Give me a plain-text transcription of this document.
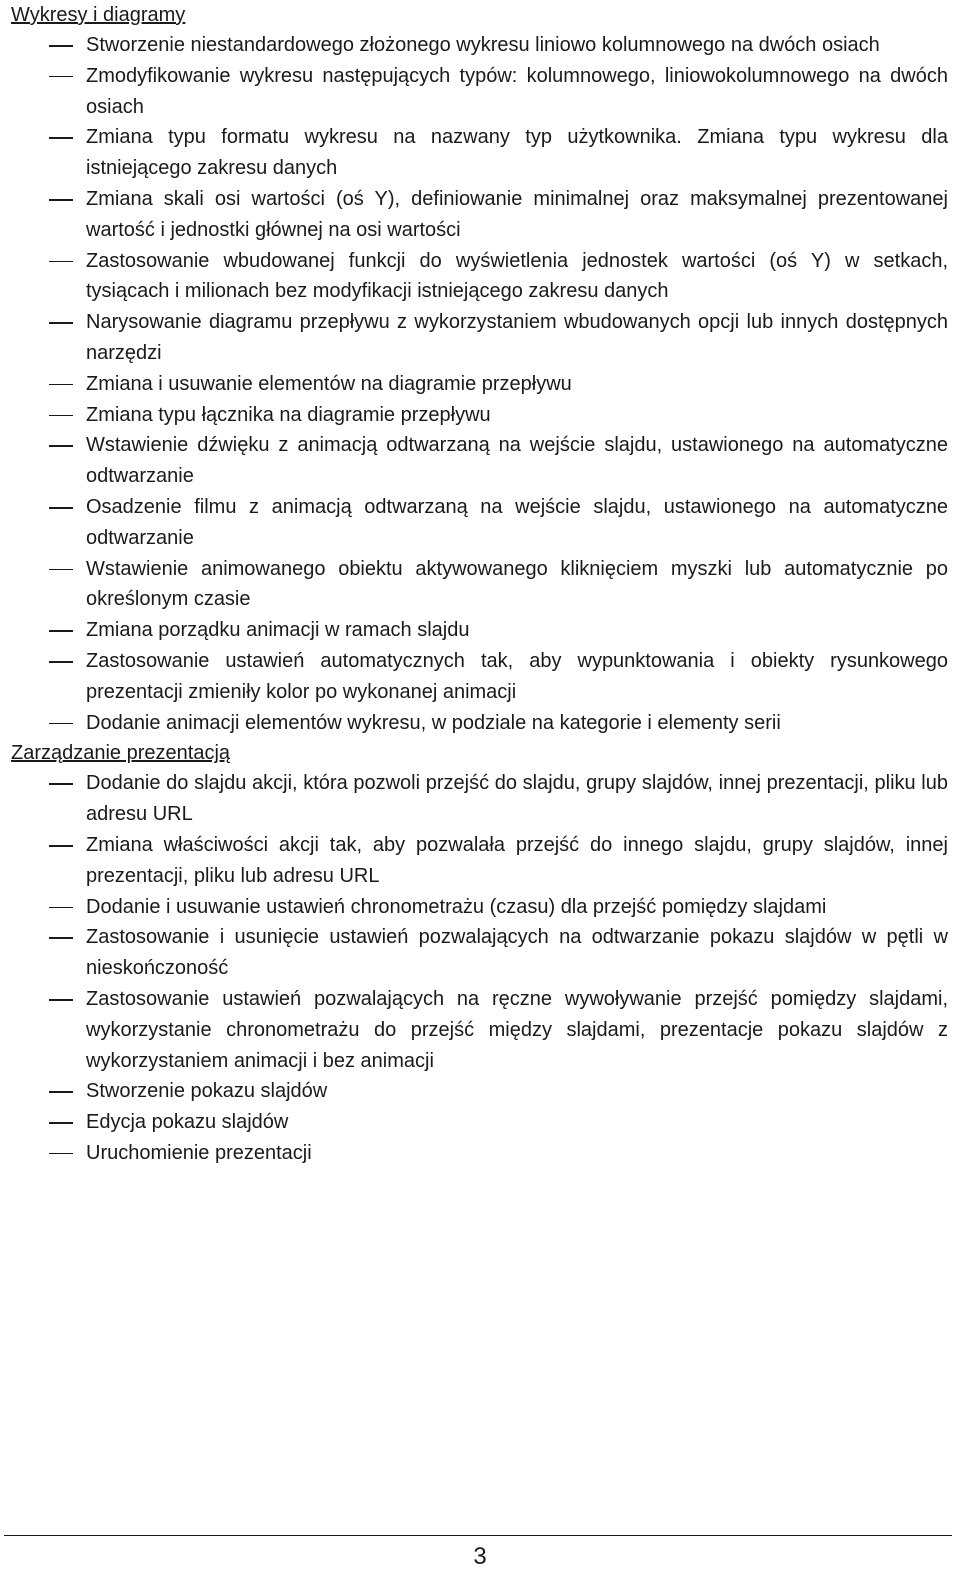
Wykresy i diagramy
Stworzenie niestandardowego złożonego wykresu liniowo kolumnowego na dwóch osiach
Zmodyfikowanie wykresu następujących typów: kolumnowego, liniowokolumnowego na dwóch osiach
Zmiana typu formatu wykresu na nazwany typ użytkownika. Zmiana typu wykresu dla istniejącego zakresu danych
Zmiana skali osi wartości (oś Y), definiowanie minimalnej oraz maksymalnej prezentowanej wartość i jednostki głównej na osi wartości
Zastosowanie wbudowanej funkcji do wyświetlenia jednostek wartości (oś Y) w setkach, tysiącach i milionach bez modyfikacji istniejącego zakresu danych
Narysowanie diagramu przepływu z wykorzystaniem wbudowanych opcji lub innych dostępnych narzędzi
Zmiana i usuwanie elementów na diagramie przepływu
Zmiana typu łącznika na diagramie przepływu
Wstawienie dźwięku z animacją odtwarzaną na wejście slajdu, ustawionego na automatyczne odtwarzanie
Osadzenie filmu z animacją odtwarzaną na wejście slajdu, ustawionego na automatyczne odtwarzanie
Wstawienie animowanego obiektu aktywowanego kliknięciem myszki lub automatycznie po określonym czasie
Zmiana porządku animacji w ramach slajdu
Zastosowanie ustawień automatycznych tak, aby wypunktowania i obiekty rysunkowego prezentacji zmieniły kolor po wykonanej animacji
Dodanie animacji elementów wykresu, w podziale na kategorie i elementy serii
Zarządzanie prezentacją
Dodanie do slajdu akcji, która pozwoli przejść do slajdu, grupy slajdów, innej prezentacji, pliku lub adresu URL
Zmiana właściwości akcji tak, aby pozwalała przejść do innego slajdu, grupy slajdów, innej prezentacji, pliku lub adresu URL
Dodanie i usuwanie ustawień chronometrażu (czasu) dla przejść pomiędzy slajdami
Zastosowanie i usunięcie ustawień pozwalających na odtwarzanie pokazu slajdów w pętli w nieskończoność
Zastosowanie ustawień pozwalających na ręczne wywoływanie przejść pomiędzy slajdami, wykorzystanie chronometrażu do przejść między slajdami, prezentacje pokazu slajdów z wykorzystaniem animacji i bez animacji
Stworzenie pokazu slajdów
Edycja pokazu slajdów
Uruchomienie prezentacji
3
